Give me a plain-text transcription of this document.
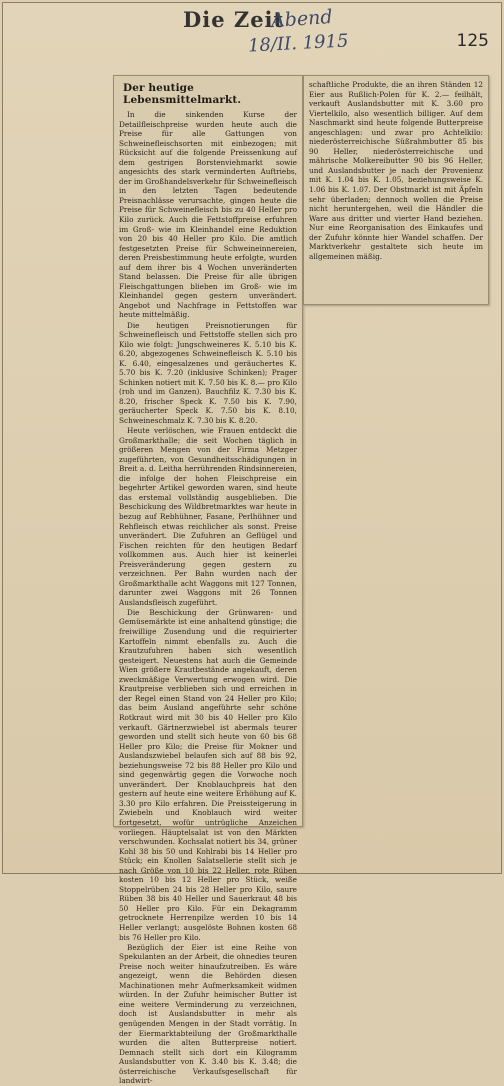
Die Zeit
Abend
18/II. 1915	125
Der heutige Lebensmittelmarkt.

In die sinkenden Kurse der Detailfleischpreise wurden heute auch die Preise für alle Gattungen von Schweinefleischsorten mit einbezogen; mit Rücksicht auf die folgende Preissenkung auf dem gestrigen Borstenviehmarkt sowie angesichts des stark verminderten Auftriebs, der im Großhandelsverkehr für Schweinefleisch in den letzten Tagen bedeutende Preisnachlässe verursachte, gingen heute die Preise für Schweinefleisch bis zu 40 Heller pro Kilo zurück. Auch die Fettstoffpreise erfuhren im Groß- wie im Kleinhandel eine Reduktion von 20 bis 40 Heller pro Kilo. Die amtlich festgesetzten Preise für Schweineinnereien, deren Preisbestimmung heute erfolgte, wurden auf dem ihrer bis 4 Wochen unveränderten Stand belassen. Die Preise für alle übrigen Fleischgattungen blieben im Groß- wie im Kleinhandel gegen gestern unverändert. Angebot und Nachfrage in Fettstoffen war heute mittelmäßig.

Die heutigen Preisnotierungen für Schweinefleisch und Fettstoffe stellen sich pro Kilo wie folgt: Jungschweineres K. 5.10 bis K. 6.20, abgezogenes Schweinefleisch K. 5.10 bis K. 6.40, eingesalzenes und geräuchertes K. 5.70 bis K. 7.20 (inklusive Schinken); Prager Schinken notiert mit K. 7.50 bis K. 8.— pro Kilo (roh und im Ganzen). Bauchfilz K. 7.30 bis K. 8.20, frischer Speck K. 7.50 bis K. 7.90, geräucherter Speck K. 7.50 bis K. 8.10, Schweineschmalz K. 7.30 bis K. 8.20.

Heute verlöschen, wie Frauen entdeckt die Großmarkthalle; die seit Wochen täglich in größeren Mengen von der Firma Metzger zugeführten, von Gesundheitsschädigungen in Breit a. d. Leitha herrührenden Rindsinnereien, die infolge der hohen Fleischpreise ein begehrter Artikel geworden waren, sind heute das erstemal vollständig ausgeblieben. Die Beschickung des Wildbretmarktes war heute in bezug auf Rebhühner, Fasane, Perlhühner und Rehfleisch etwas reichlicher als sonst. Preise unverändert. Die Zufuhren an Geflügel und Fischen reichten für den heutigen Bedarf vollkommen aus. Auch hier ist keinerlei Preisveränderung gegen gestern zu verzeichnen. Per Bahn wurden nach der Großmarkthalle acht Waggons mit 127 Tonnen, darunter zwei Waggons mit 26 Tonnen Auslandsfleisch zugeführt.

Die Beschickung der Grünwaren- und Gemüsemärkte ist eine anhaltend günstige; die freiwillige Zusendung und die requirierter Kartoffeln nimmt ebenfalls zu. Auch die Krautzufuhren haben sich wesentlich gesteigert. Neuestens hat auch die Gemeinde Wien größere Krautbestände angekauft, deren zweckmäßige Verwertung erwogen wird. Die Krautpreise verblieben sich und erreichen in der Regel einen Stand von 24 Heller pro Kilo; das beim Ausland angeführte sehr schöne Rotkraut wird mit 30 bis 40 Heller pro Kilo verkauft. Gärtnerzwiebel ist abermals teurer geworden und stellt sich heute von 60 bis 68 Heller pro Kilo; die Preise für Mokner und Auslandszwiebel belaufen sich auf 88 bis 92, beziehungsweise 72 bis 88 Heller pro Kilo und sind gegenwärtig gegen die Vorwoche noch unverändert. Der Knoblauchpreis hat den gestern auf heute eine weitere Erhöhung auf K. 3.30 pro Kilo erfahren. Die Preissteigerung in Zwiebeln und Knoblauch wird weiter fortgesetzt, wofür untrügliche Anzeichen vorliegen. Häuptelsalat ist von den Märkten verschwunden. Kochsalat notiert bis 34, grüner Kohl 38 bis 50 und Kohlrabi bis 14 Heller pro Stück; ein Knollen Salatsellerie stellt sich je nach Größe von 10 bis 22 Heller, rote Rüben kosten 10 bis 12 Heller pro Stück, weiße Stoppelrüben 24 bis 28 Heller pro Kilo, saure Rüben 38 bis 40 Heller und Sauerkraut 48 bis 50 Heller pro Kilo. Für ein Dekagramm getrocknete Herrenpilze werden 10 bis 14 Heller verlangt; ausgelöste Bohnen kosten 68 bis 76 Heller pro Kilo.

Bezüglich der Eier ist eine Reihe von Spekulanten an der Arbeit, die ohnedies teuren Preise noch weiter hinaufzutreiben. Es wäre angezeigt, wenn die Behörden diesen Machinationen mehr Aufmerksamkeit widmen würden. In der Zufuhr heimischer Butter ist eine weitere Verminderung zu verzeichnen, doch ist Auslandsbutter in mehr als genügenden Mengen in der Stadt vorrätig. In der Eiermarktabteilung der Großmarkthalle wurden die alten Butterpreise notiert. Demnach stellt sich dort ein Kilogramm Auslandsbutter von K. 3.40 bis K. 3.48; die österreichische Verkaufsgesellschaft für landwirt-

schaftliche Produkte, die an ihren Ständen 12 Eier aus Rußlich-Polen für K. 2.— feilhält, verkauft Auslandsbutter mit K. 3.60 pro Viertelkilo, also wesentlich billiger. Auf dem Naschmarkt sind heute folgende Butterpreise angeschlagen: und zwar pro Achtelkilo: niederösterreichische Süßrahmbutter 85 bis 90 Heller, niederösterreichische und mährische Molkereibutter 90 bis 96 Heller, und Auslandsbutter je nach der Provenienz mit K. 1.04 bis K. 1.05, beziehungsweise K. 1.06 bis K. 1.07. Der Obstmarkt ist mit Äpfeln sehr überladen; dennoch wollen die Preise nicht heruntergehen, weil die Händler die Ware aus dritter und vierter Hand beziehen. Nur eine Reorganisation des Einkaufes und der Zufuhr könnte hier Wandel schaffen. Der Marktverkehr gestaltete sich heute im allgemeinen mäßig.
